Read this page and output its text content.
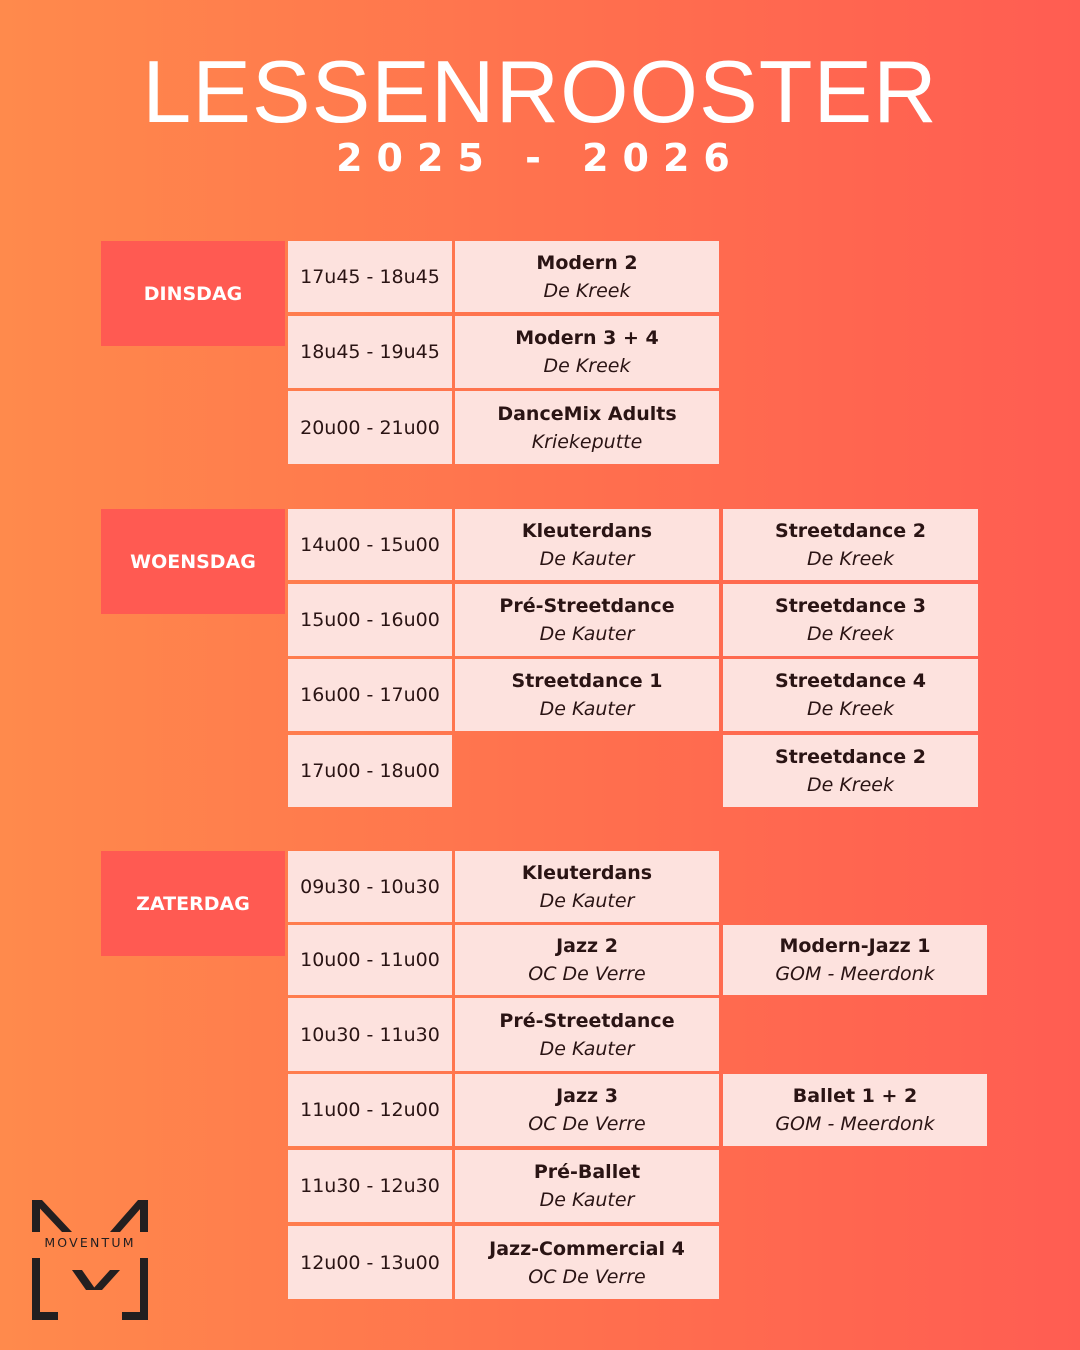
LESSENROOSTER
2025 - 2026
DINSDAG
17u45 - 18u45
Modern 2
De Kreek
18u45 - 19u45
Modern 3 + 4
De Kreek
20u00 - 21u00
DanceMix Adults
Kriekeputte
WOENSDAG
14u00 - 15u00
Kleuterdans
De Kauter
Streetdance 2
De Kreek
15u00 - 16u00
Pré-Streetdance
De Kauter
Streetdance 3
De Kreek
16u00 - 17u00
Streetdance 1
De Kauter
Streetdance 4
De Kreek
17u00 - 18u00
Streetdance 2
De Kreek
ZATERDAG
09u30 - 10u30
Kleuterdans
De Kauter
10u00 - 11u00
Jazz 2
OC De Verre
Modern-Jazz 1
GOM - Meerdonk
10u30 - 11u30
Pré-Streetdance
De Kauter
11u00 - 12u00
Jazz 3
OC De Verre
Ballet 1 + 2
GOM - Meerdonk
11u30 - 12u30
Pré-Ballet
De Kauter
12u00 - 13u00
Jazz-Commercial 4
OC De Verre
MOVENTUM
